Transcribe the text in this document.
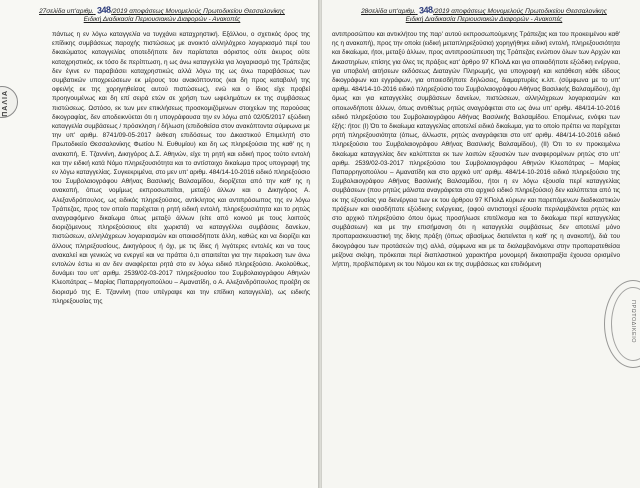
ΠΑΛΙΑ
27σελίδα υπ'αριθμ. 348/2019 αποφάσεως Μονομελούς Πρωτοδικείου Θεσσαλονίκης
Ειδική Διαδικασία Περιουσιακών Διαφορών - Ανακοπές
πάντως η εν λόγω καταγγελία να τυγχάνει καταχρηστική. Εξάλλου, ο σχετικός όρος της επίδικης συμβάσεως παροχής πιστώσεως με ανοικτό αλληλόχρεο λογαριασμό περί του δικαιώματος καταγγελίας οποτεδήποτε δεν παρίσταται αόριστος ούτε άκυρος ούτε καταχρηστικός, εκ τόσο δε περίπτωση, η ως άνω καταγγελία για λογαριασμό της Τράπεζας δεν έγινε εν παραβιάσει καταχρηστικώς αλλά λόγω της ως άνω παραβάσεως των συμβατικών υποχρεώσεων εκ μέρους του ανακόπτοντος (και δη προς καταβολή της οφειλής εκ της χορηγηθείσας αυτού πιστώσεως), ενώ και ο ίδιος είχε προβεί προηγουμένως και δη επί σειρά ετών σε χρήση των ωφελημάτων εκ της συμβάσεως πιστώσεως. Ωστόσο, εκ των μεν επικλήσεως προσκομιζόμενων στοιχείων της παρούσας δικογραφίας, δεν αποδεικνύεται ότι η υπογράφουσα την εν λόγω από 02/05/2017 εξώδικη καταγγελία συμβάσεως / πρόσκληση / δήλωση (επιδοθείσα στον ανακόπτοντα σύμφωνα με την υπ' αριθμ. 8741/09-05-2017 έκθεση επιδόσεως του Δικαστικού Επιμελητή στο Πρωτοδικείο Θεσσαλονίκης Φωτίου Ν. Ευθυμίου) και δη ως πληρεξούσια της καθ' ης η ανακοπή, Ε. Τζαννίνη, Δικηγόρος Δ.Σ. Αθηνών, είχε τη ρητή και ειδική προς τούτο εντολή και την ειδική κατά Νόμο πληρεξουσιότητα και το αντίστοιχο δικαίωμα προς υπογραφή της εν λόγω καταγγελίας. Συγκεκριμένα, στο μεν υπ' αριθμ. 484/14-10-2016 ειδικό πληρεξούσιο του Συμβολαιογράφου Αθήνας Βασιλικής Βαλσαμίδου, διορίζεται από την καθ' ης η ανακοπή, όπως νομίμως εκπροσωπείται, μεταξύ άλλων και ο Δικηγόρος Α. Αλεξανδρόπουλος, ως ειδικός πληρεξούσιος, αντίκλητος και αντιπρόσωπος της εν λόγω Τράπεζας, προς τον οποίο παρέχεται η ρητή ειδική εντολή, πληρεξουσιότητα και το ρητώς αναγραφόμενο δικαίωμα όπως μεταξύ άλλων (είτε από κοινού με τους λοιπούς διοριζόμενους πληρεξούσιους είτε χωριστά) να καταγγέλλει συμβάσεις δανείων, πιστώσεων, αλληλόχρεων λογαριασμών και οποιασδήποτε άλλη, καθώς και να διορίζει και άλλους πληρεξουσίους, Δικηγόρους ή όχι, με τις ίδιες ή λιγότερες εντολές και να τους ανακαλεί και γενικώς να ενεργεί και να πράττει ό,τι απαιτείται για την περαίωση των άνω εντολών έστω κι αν δεν αναφέρεται ρητά στο εν λόγω ειδικό πληρεξούσιο. Ακολούθως, δυνάμει του υπ' αριθμ. 2539/02-03-2017 πληρεξουσίου του Συμβολαιογράφου Αθηνών Κλεοπάτρας – Μαρίας Παπαρρηγοπούλου – Αμανατίδη, ο Α. Αλεξανδρόπουλος προέβη σε διορισμό της Ε. Τζαννίνη (που υπέγραψε και την επίδικη καταγγελία), ως ειδικής πληρεξουσίας της
28σελίδα υπ'αριθμ. 348/2019 αποφάσεως Μονομελούς Πρωτοδικείου Θεσσαλονίκης
Ειδική Διαδικασία Περιουσιακών Διαφορών - Ανακοπές
αντιπροσώπου και αντικλήτου της παρ' αυτού εκπροσωπούμενης Τράπεζας και του προκειμένου καθ' ης η ανακοπή), προς την οποία (ειδική μεταπληρεξούσια) χορηγήθηκε ειδική εντολή, πληρεξουσιότητα και δικαίωμα, ήτοι, μεταξύ άλλων, προς αντιπροσώπευση της Τράπεζας ενώπιον όλων των Αρχών και Δικαστηρίων, επίσης για όλες τις πράξεις κατ' άρθρο 97 ΚΠολΔ και για οποιαδήποτε εξώδικη ενέργεια, για υποβολή αιτήσεων εκδόσεως Διαταγών Πληρωμής, για υπογραφή και κατάθεση κάθε είδους δικογράφων και εγγράφων, για οποιεσδήποτε δηλώσεις, διαμαρτυρίες κ.λπ. (σύμφωνα με το υπ' αριθμ. 484/14-10-2016 ειδικό πληρεξούσιο του Συμβολαιογράφου Αθήνας Βασιλικής Βαλσαμίδου), όχι όμως και για καταγγελίες συμβάσεων δανείων, πιστώσεων, αλληλόχρεων λογαριασμών και οποιωνδήποτε άλλων, όπως αντιθέτως ρητώς αναγράφεται στο ως άνω υπ' αριθμ. 484/14-10-2016 ειδικό πληρεξούσιο του Συμβολαιογράφου Αθήνας Βασιλικής Βαλσαμίδου. Επομένως, ενόψει των έξής: ήτοι: (Ι) Ότι το δικαίωμα καταγγελίας αποτελεί ειδικό δικαίωμα, για το οποίο πρέπει να παρέχεται ρητή πληρεξουσιότητα (όπως, άλλωστε, ρητώς αναγράφεται στο υπ' αριθμ. 484/14-10-2016 ειδικό πληρεξούσιο του Συμβολαιογράφου Αθήνας Βασιλικής Βαλσαμίδου), (ΙΙ) Ότι το εν προκειμένω δικαίωμα καταγγελίας δεν καλύπτεται εκ των λοιπών εξουσιών των αναφερομένων ρητώς στο υπ' αριθμ. 2539/02-03-2017 πληρεξούσιο του Συμβολαιογράφου Αθηνών Κλεοπάτρας – Μαρίας Παπαρρηγοπούλου – Αμανατίδη και στο αρχικό υπ' αριθμ. 484/14-10-2016 ειδικό πληρεξούσιο της Συμβολαιογράφου Αθήνας Βασιλικής Βαλσαμίδου, ήτοι η εν λόγω εξουσία περί καταγγελίας συμβάσεων (που ρητώς μάλιστα αναγράφεται στο αρχικό ειδικό πληρεξούσιο) δεν καλύπτεται από τις εκ της εξουσίας για διενέργεια των εκ του άρθρου 97 ΚΠολΔ κύριων και παρεπόμενων διαδικαστικών πράξεων και οιασδήποτε εξώδικης ενέργειας, (αφού αντιστοιχεί εξουσία περιλαμβάνεται ρητώς και στο αρχικό πληρεξούσιο όπου όμως προσήλωσε επιτέλεσμα και το δικαίωμα περί καταγγελίας συμβάσεων) και με την επισήμανση ότι η καταγγελία συμβάσεως δεν αποτελεί μόνο προπαρασκευαστική της δίκης πράξη (όπως αβασίμως διατείνεται η καθ' ης η ανακοπή), διά του δικογράφου των προτάσεών της) αλλά, σύμφωνα και με τα διαλαμβανόμενα στην προπαρατεθείσα μείζονα σκέψη, πρόκειται περί διαπλαστικού χαρακτήρα μονομερή δικαιοπραξία έχουσα ορισμένο λήπτη, προβλεπόμενη εκ του Νόμου και εκ της συμβάσεως και επιδιόμενη
ΠΡΩΤΟΔΙΚΕΙΟ
